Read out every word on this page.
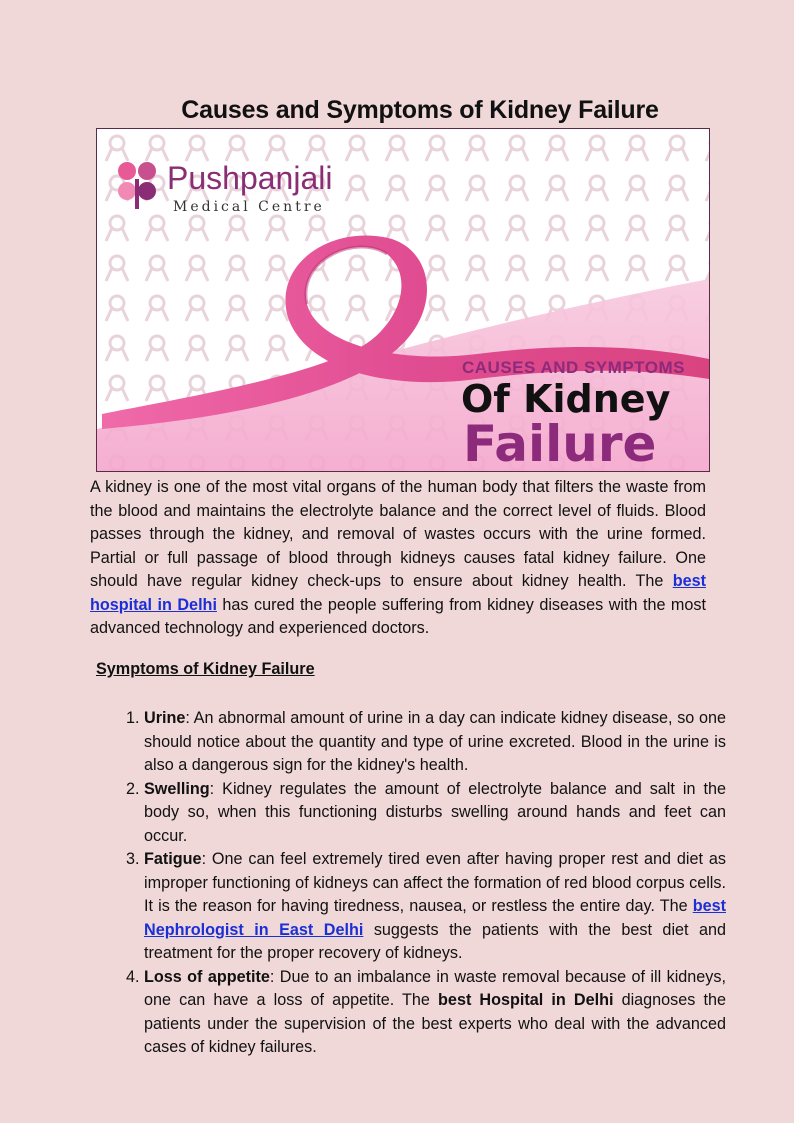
Causes and Symptoms of Kidney Failure
Pushpanjali
Medical Centre
CAUSES AND SYMPTOMS
Of Kidney
Failure

A kidney is one of the most vital organs of the human body that filters the waste from the blood and maintains the electrolyte balance and the correct level of fluids. Blood passes through the kidney, and removal of wastes occurs with the urine formed. Partial or full passage of blood through kidneys causes fatal kidney failure. One should have regular kidney check-ups to ensure about kidney health. The best hospital in Delhi has cured the people suffering from kidney diseases with the most advanced technology and experienced doctors.

Symptoms of Kidney Failure
1. Urine: An abnormal amount of urine in a day can indicate kidney disease, so one should notice about the quantity and type of urine excreted. Blood in the urine is also a dangerous sign for the kidney's health.
2. Swelling: Kidney regulates the amount of electrolyte balance and salt in the body so, when this functioning disturbs swelling around hands and feet can occur.
3. Fatigue: One can feel extremely tired even after having proper rest and diet as improper functioning of kidneys can affect the formation of red blood corpus cells. It is the reason for having tiredness, nausea, or restless the entire day. The best Nephrologist in East Delhi suggests the patients with the best diet and treatment for the proper recovery of kidneys.
4. Loss of appetite: Due to an imbalance in waste removal because of ill kidneys, one can have a loss of appetite. The best Hospital in Delhi diagnoses the patients under the supervision of the best experts who deal with the advanced cases of kidney failures.
